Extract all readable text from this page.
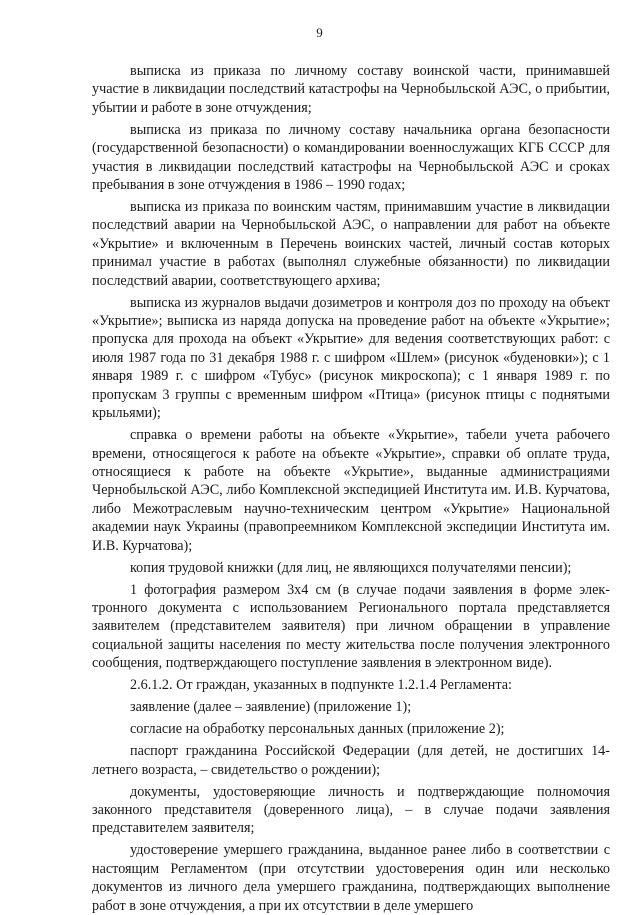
9

выписка из приказа по личному составу воинской части, принимавшей участие в ликвидации последствий катастрофы на Чернобыльской АЭС, о прибытии, убытии и работе в зоне отчуждения;

выписка из приказа по личному составу начальника органа безопасности (государственной безопасности) о командировании военнослужащих КГБ СССР для участия в ликвидации последствий катастрофы на Чернобыльской АЭС и сроках пребывания в зоне отчуждения в 1986 – 1990 годах;

выписка из приказа по воинским частям, принимавшим участие в ликвидации последствий аварии на Чернобыльской АЭС, о направлении для работ на объекте «Укрытие» и включенным в Перечень воинских частей, личный состав которых принимал участие в работах (выполнял служебные обязанности) по ликвидации последствий аварии, соответствующего архива;

выписка из журналов выдачи дозиметров и контроля доз по проходу на объект «Укрытие»; выписка из наряда допуска на проведение работ на объекте «Укрытие»; пропуска для прохода на объект «Укрытие» для ведения соответствующих работ: с июля 1987 года по 31 декабря 1988 г. с шифром «Шлем» (рисунок «буденовки»); с 1 января 1989 г. с шифром «Тубус» (рисунок микроскопа); с 1 января 1989 г. по пропускам 3 группы с временным шифром «Птица» (рисунок птицы с поднятыми крыльями);

справка о времени работы на объекте «Укрытие», табели учета рабочего времени, относящегося к работе на объекте «Укрытие», справки об оплате труда, относящиеся к работе на объекте «Укрытие», выданные администрациями Чернобыльской АЭС, либо Комплексной экспедицией Института им. И.В. Курчатова, либо Межотраслевым научно-техническим центром «Укрытие» Национальной академии наук Украины (правопреемником Комплексной экспедиции Института им. И.В. Курчатова);

копия трудовой книжки (для лиц, не являющихся получателями пенсии);

1 фотография размером 3х4 см (в случае подачи заявления в форме электронного документа с использованием Регионального портала представляется заявителем (представителем заявителя) при личном обращении в управление социальной защиты населения по месту жительства после получения электронного сообщения, подтверждающего поступление заявления в электронном виде).

2.6.1.2. От граждан, указанных в подпункте 1.2.1.4 Регламента:

заявление (далее – заявление) (приложение 1);

согласие на обработку персональных данных (приложение 2);

паспорт гражданина Российской Федерации (для детей, не достигших 14-летнего возраста, – свидетельство о рождении);

документы, удостоверяющие личность и подтверждающие полномочия законного представителя (доверенного лица), – в случае подачи заявления представителем заявителя;

удостоверение умершего гражданина, выданное ранее либо в соответствии с настоящим Регламентом (при отсутствии удостоверения один или несколько документов из личного дела умершего гражданина, подтверждающих выполнение работ в зоне отчуждения, а при их отсутствии в деле умершего
